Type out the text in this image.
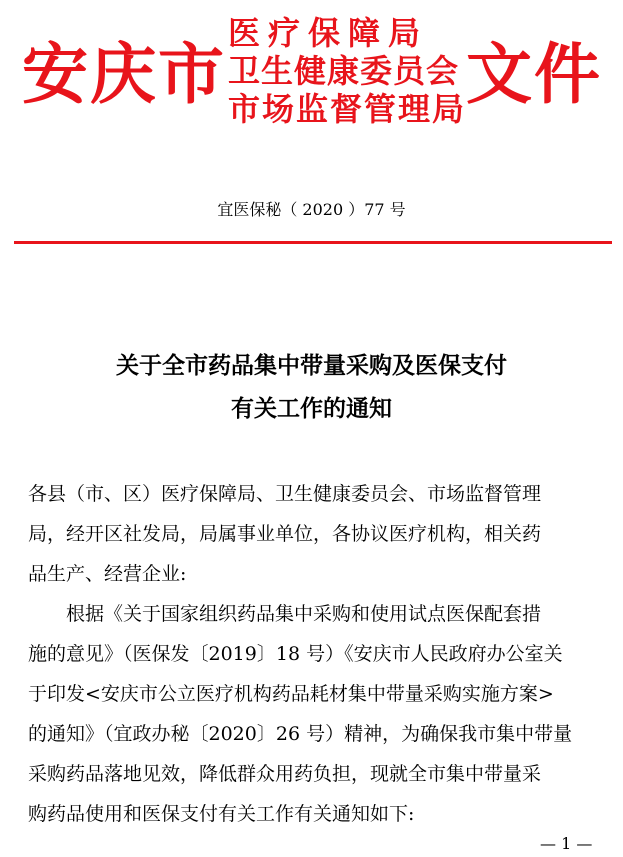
安庆市
医疗保障局
卫生健康委员会
市场监督管理局 文件
宜医保秘（ 2020 ）77 号
关于全市药品集中带量采购及医保支付
有关工作的通知
各县（市、区）医疗保障局、卫生健康委员会、市场监督管理
局，经开区社发局，局属事业单位，各协议医疗机构，相关药
品生产、经营企业:
　　根据《关于国家组织药品集中采购和使用试点医保配套措
施的意见》（医保发〔2019〕18 号）《安庆市人民政府办公室关
于印发<安庆市公立医疗机构药品耗材集中带量采购实施方案>
的通知》（宜政办秘〔2020〕26 号）精神，为确保我市集中带量
采购药品落地见效，降低群众用药负担，现就全市集中带量采
购药品使用和医保支付有关工作有关通知如下:
— 1 —
